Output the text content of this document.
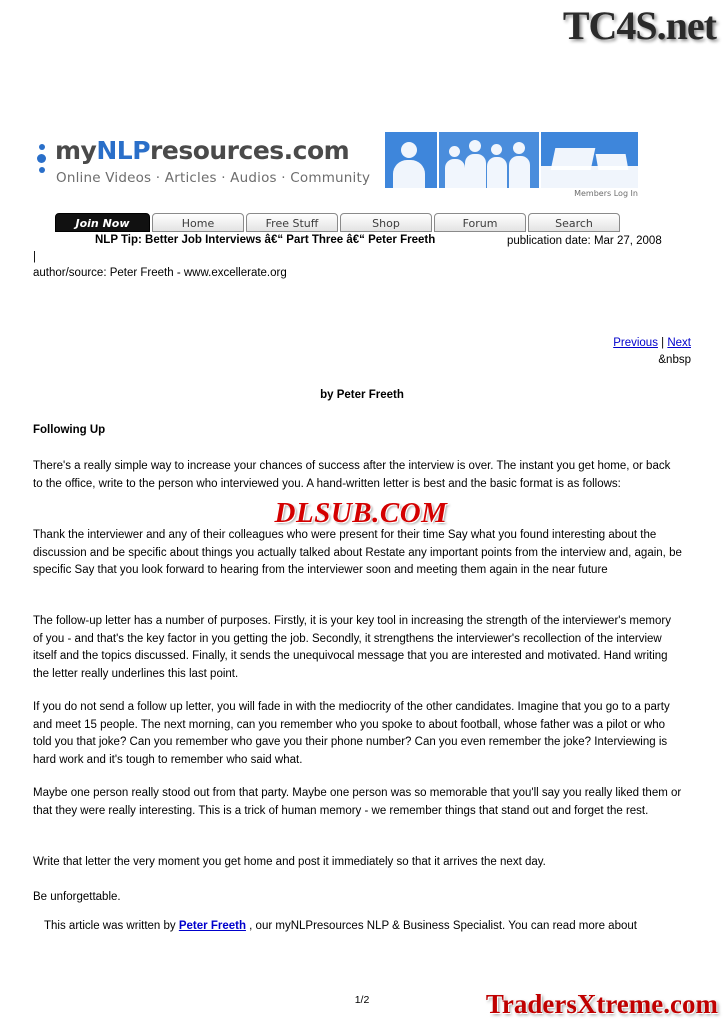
TC4S.net
myNLPresources.com
Online Videos · Articles · Audios · Community
Members Log In
Join Now	Home	Free Stuff	Shop	Forum	Search
NLP Tip: Better Job Interviews â€“ Part Three â€“ Peter Freeth	publication date: Mar 27, 2008
|
author/source: Peter Freeth - www.excellerate.org
Previous | Next
&nbsp
by Peter Freeth
Following Up
There's a really simple way to increase your chances of success after the interview is over. The instant you get home, or back to the office, write to the person who interviewed you. A hand-written letter is best and the basic format is as follows:
Thank the interviewer and any of their colleagues who were present for their time Say what you found interesting about the discussion and be specific about things you actually talked about Restate any important points from the interview and, again, be specific Say that you look forward to hearing from the interviewer soon and meeting them again in the near future
The follow-up letter has a number of purposes. Firstly, it is your key tool in increasing the strength of the interviewer's memory of you - and that's the key factor in you getting the job. Secondly, it strengthens the interviewer's recollection of the interview itself and the topics discussed. Finally, it sends the unequivocal message that you are interested and motivated. Hand writing the letter really underlines this last point.
If you do not send a follow up letter, you will fade in with the mediocrity of the other candidates. Imagine that you go to a party and meet 15 people. The next morning, can you remember who you spoke to about football, whose father was a pilot or who told you that joke? Can you remember who gave you their phone number? Can you even remember the joke? Interviewing is hard work and it's tough to remember who said what.
Maybe one person really stood out from that party. Maybe one person was so memorable that you'll say you really liked them or that they were really interesting. This is a trick of human memory - we remember things that stand out and forget the rest.
Write that letter the very moment you get home and post it immediately so that it arrives the next day.
Be unforgettable.
This article was written by Peter Freeth , our myNLPresources NLP & Business Specialist. You can read more about
DLSUB.COM
1/2	TradersXtreme.com
